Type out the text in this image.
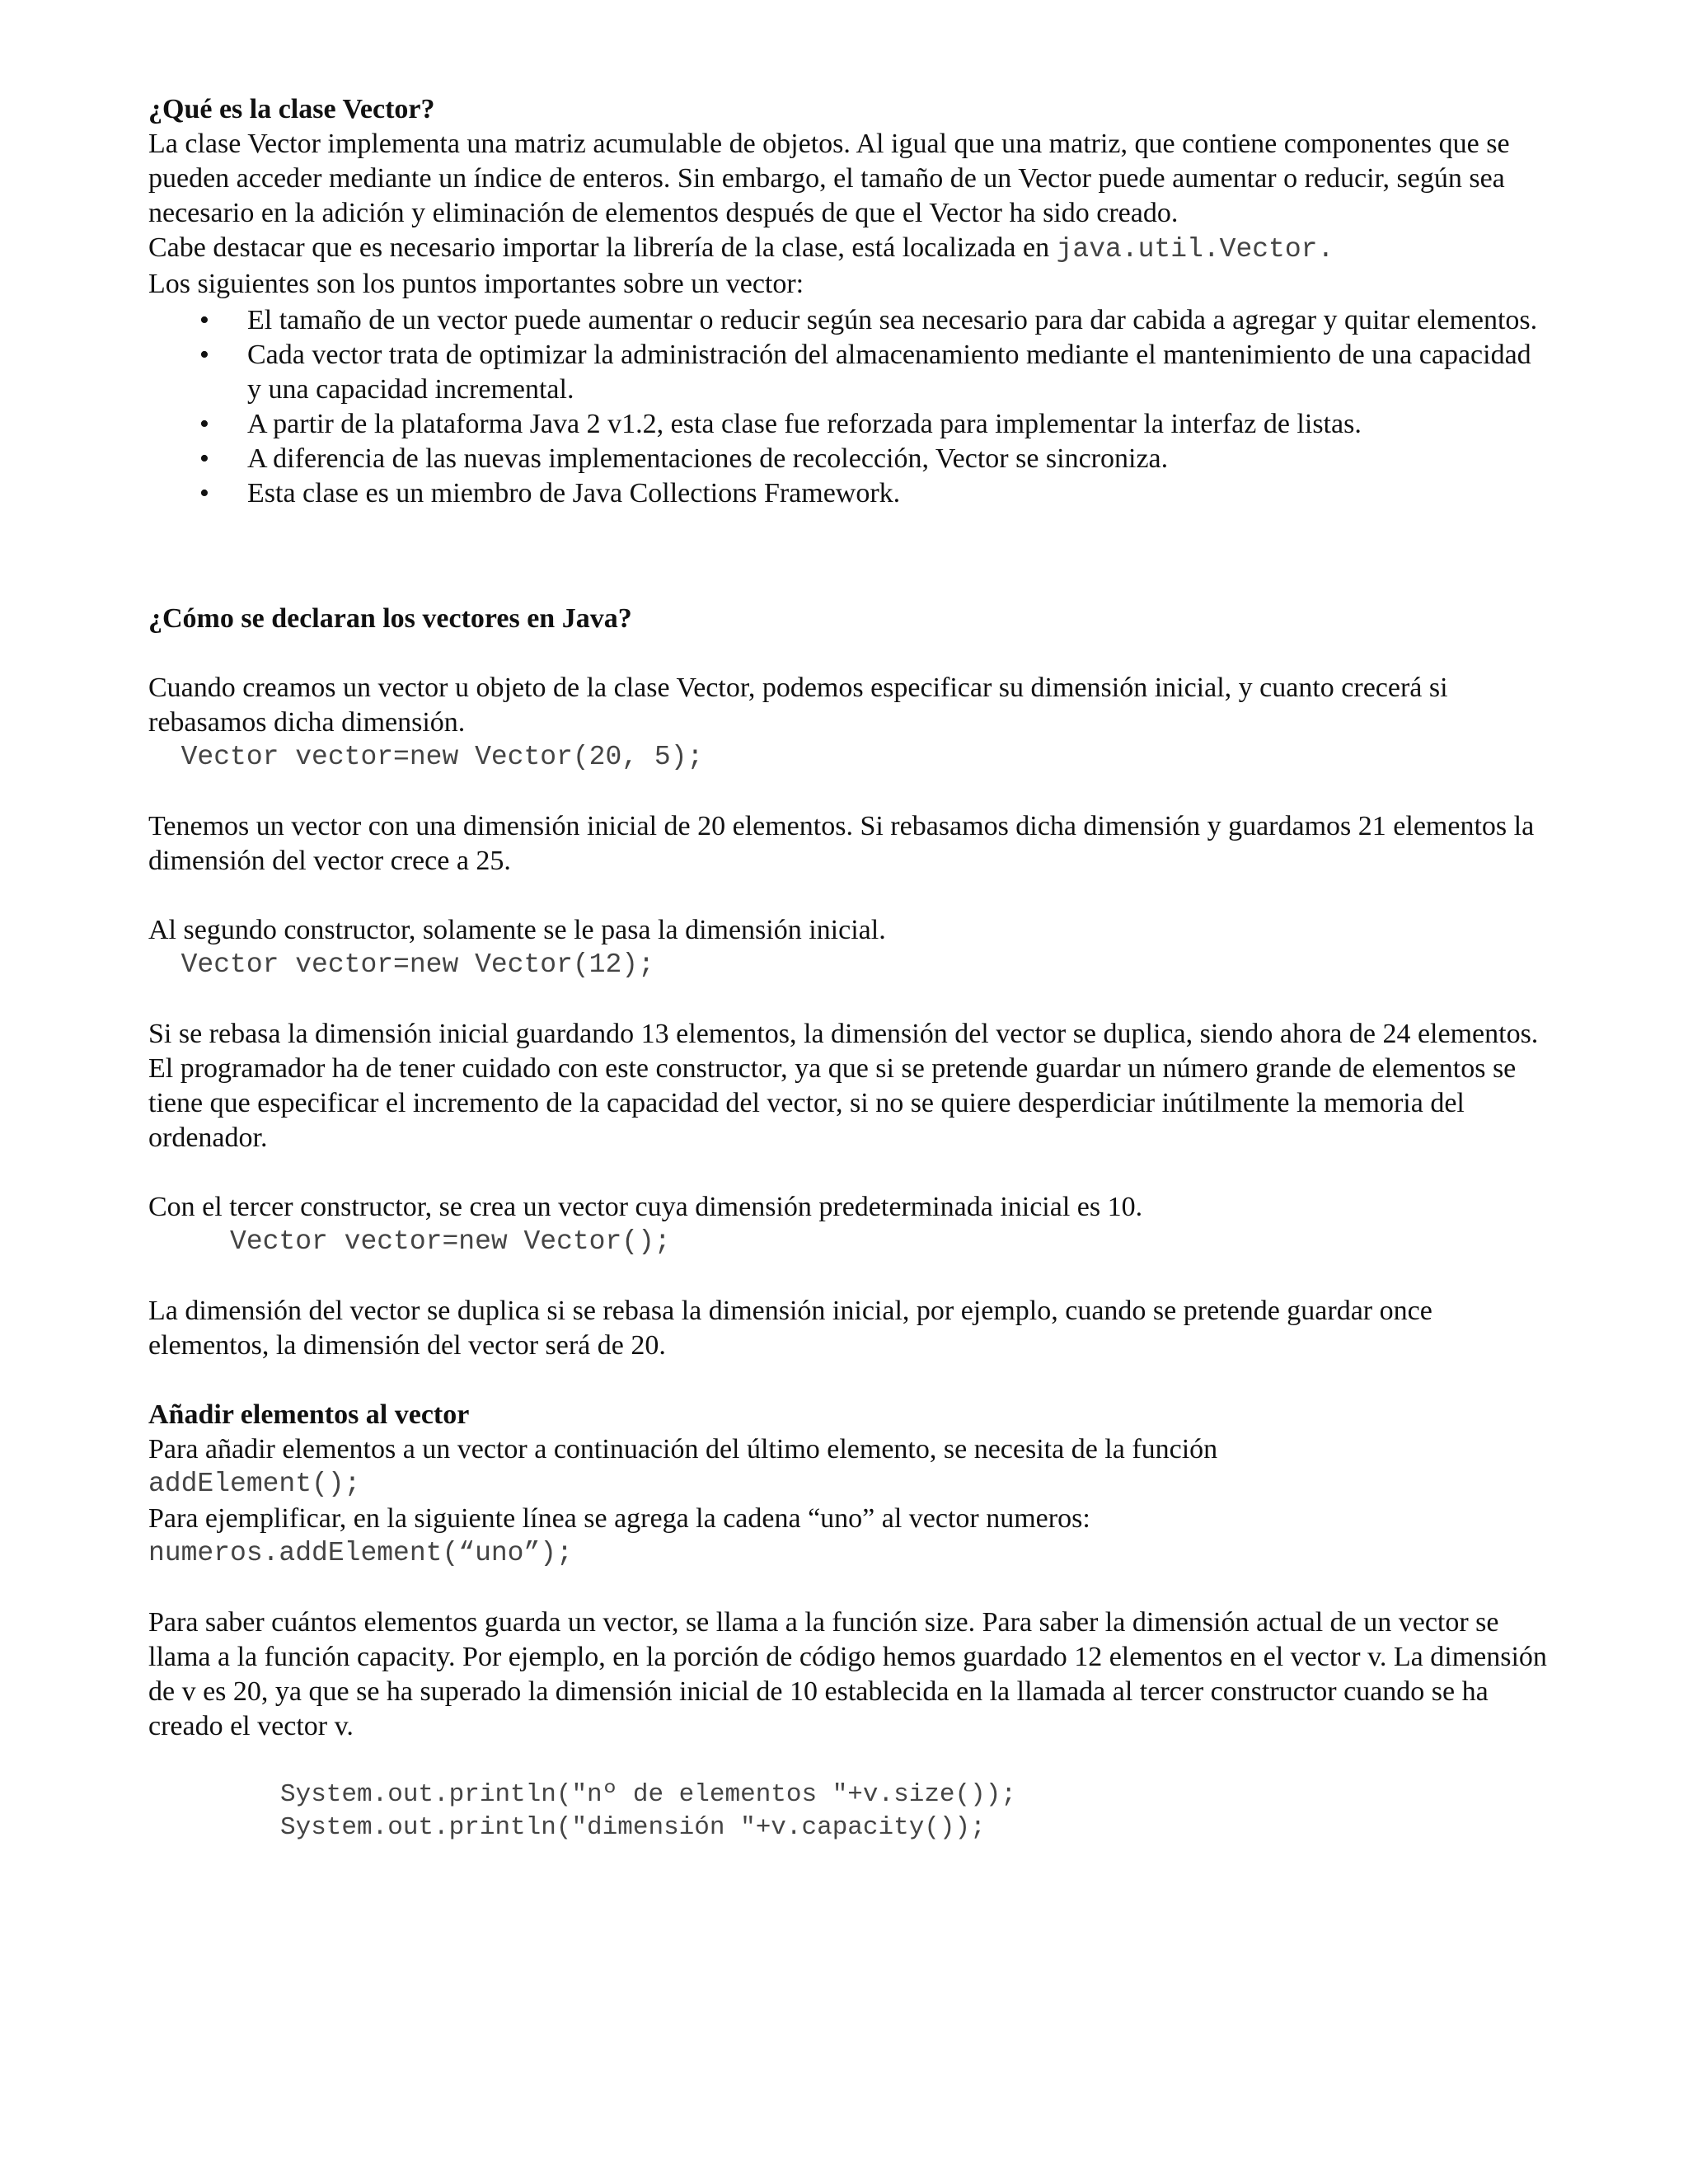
¿Qué es la clase Vector?

La clase Vector implementa una matriz acumulable de objetos. Al igual que una matriz, que contiene componentes que se pueden acceder mediante un índice de enteros. Sin embargo, el tamaño de un Vector puede aumentar o reducir, según sea necesario en la adición y eliminación de elementos después de que el Vector ha sido creado.

Cabe destacar que es necesario importar la librería de la clase, está localizada en java.util.Vector.

Los siguientes son los puntos importantes sobre un vector:

• El tamaño de un vector puede aumentar o reducir según sea necesario para dar cabida a agregar y quitar elementos.
• Cada vector trata de optimizar la administración del almacenamiento mediante el mantenimiento de una capacidad y una capacidad incremental.
• A partir de la plataforma Java 2 v1.2, esta clase fue reforzada para implementar la interfaz de listas.
• A diferencia de las nuevas implementaciones de recolección, Vector se sincroniza.
• Esta clase es un miembro de Java Collections Framework.
¿Cómo se declaran los vectores en Java?

Cuando creamos un vector u objeto de la clase Vector, podemos especificar su dimensión inicial, y cuanto crecerá si rebasamos dicha dimensión.

Vector vector=new Vector(20, 5);

Tenemos un vector con una dimensión inicial de 20 elementos. Si rebasamos dicha dimensión y guardamos 21 elementos la dimensión del vector crece a 25.

Al segundo constructor, solamente se le pasa la dimensión inicial.

Vector vector=new Vector(12);

Si se rebasa la dimensión inicial guardando 13 elementos, la dimensión del vector se duplica, siendo ahora de 24 elementos. El programador ha de tener cuidado con este constructor, ya que si se pretende guardar un número grande de elementos se tiene que especificar el incremento de la capacidad del vector, si no se quiere desperdiciar inútilmente la memoria del ordenador.

Con el tercer constructor, se crea un vector cuya dimensión predeterminada inicial es 10.

Vector vector=new Vector();

La dimensión del vector se duplica si se rebasa la dimensión inicial, por ejemplo, cuando se pretende guardar once elementos, la dimensión del vector será de 20.

Añadir elementos al vector

Para añadir elementos a un vector a continuación del último elemento, se necesita de la función

addElement();

Para ejemplificar, en la siguiente línea se agrega la cadena “uno” al vector numeros:

numeros.addElement(“uno”);

Para saber cuántos elementos guarda un vector, se llama a la función size. Para saber la dimensión actual de un vector se llama a la función capacity. Por ejemplo, en la porción de código hemos guardado 12 elementos en el vector v. La dimensión de v es 20, ya que se ha superado la dimensión inicial de 10 establecida en la llamada al tercer constructor cuando se ha creado el vector v.

System.out.println("nº de elementos "+v.size());
System.out.println("dimensión "+v.capacity());
